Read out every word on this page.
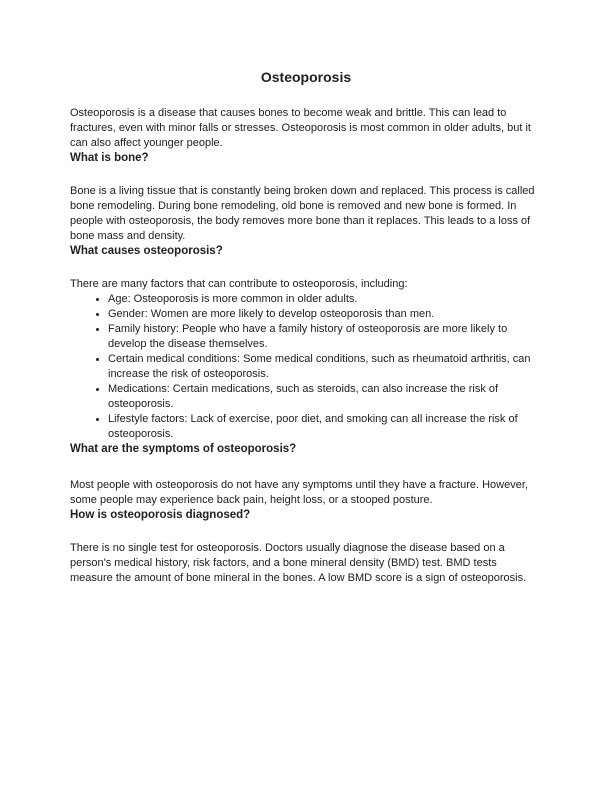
Osteoporosis

Osteoporosis is a disease that causes bones to become weak and brittle. This can lead to fractures, even with minor falls or stresses. Osteoporosis is most common in older adults, but it can also affect younger people.

What is bone?

Bone is a living tissue that is constantly being broken down and replaced. This process is called bone remodeling. During bone remodeling, old bone is removed and new bone is formed. In people with osteoporosis, the body removes more bone than it replaces. This leads to a loss of bone mass and density.

What causes osteoporosis?

There are many factors that can contribute to osteoporosis, including:

• Age: Osteoporosis is more common in older adults.
• Gender: Women are more likely to develop osteoporosis than men.
• Family history: People who have a family history of osteoporosis are more likely to develop the disease themselves.
• Certain medical conditions: Some medical conditions, such as rheumatoid arthritis, can increase the risk of osteoporosis.
• Medications: Certain medications, such as steroids, can also increase the risk of osteoporosis.
• Lifestyle factors: Lack of exercise, poor diet, and smoking can all increase the risk of osteoporosis.
What are the symptoms of osteoporosis?

Most people with osteoporosis do not have any symptoms until they have a fracture. However, some people may experience back pain, height loss, or a stooped posture.

How is osteoporosis diagnosed?

There is no single test for osteoporosis. Doctors usually diagnose the disease based on a person's medical history, risk factors, and a bone mineral density (BMD) test. BMD tests measure the amount of bone mineral in the bones. A low BMD score is a sign of osteoporosis.
